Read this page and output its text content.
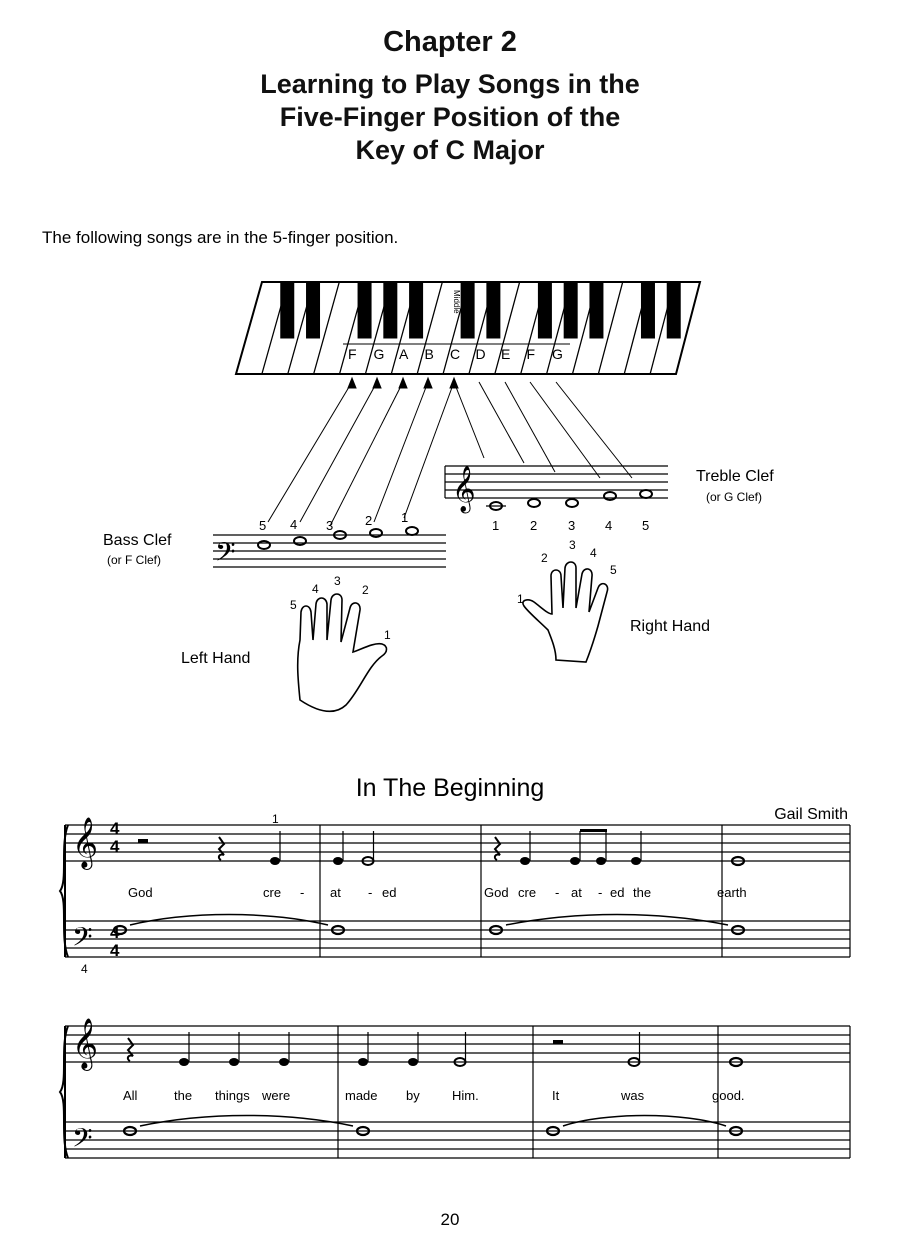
Chapter 2
Learning to Play Songs in the
Five-Finger Position of the
Key of C Major
The following songs are in the 5-finger position.
𝄞
𝄢
F G A B C D E F G
Middle
Treble Clef
(or G Clef)
Bass Clef
(or F Clef)
1 2 3 4 5
5 4 3 2 1
5
4
3
2
1
1
2
3
4
5
Left Hand
Right Hand
In The Beginning
Gail Smith
𝄞
𝄢
4
4
4
4
𝄞
𝄢
God	cre - at - ed	God cre - at - ed the	earth
All	the things were	made by Him.	It	was	good.
1
4
20
